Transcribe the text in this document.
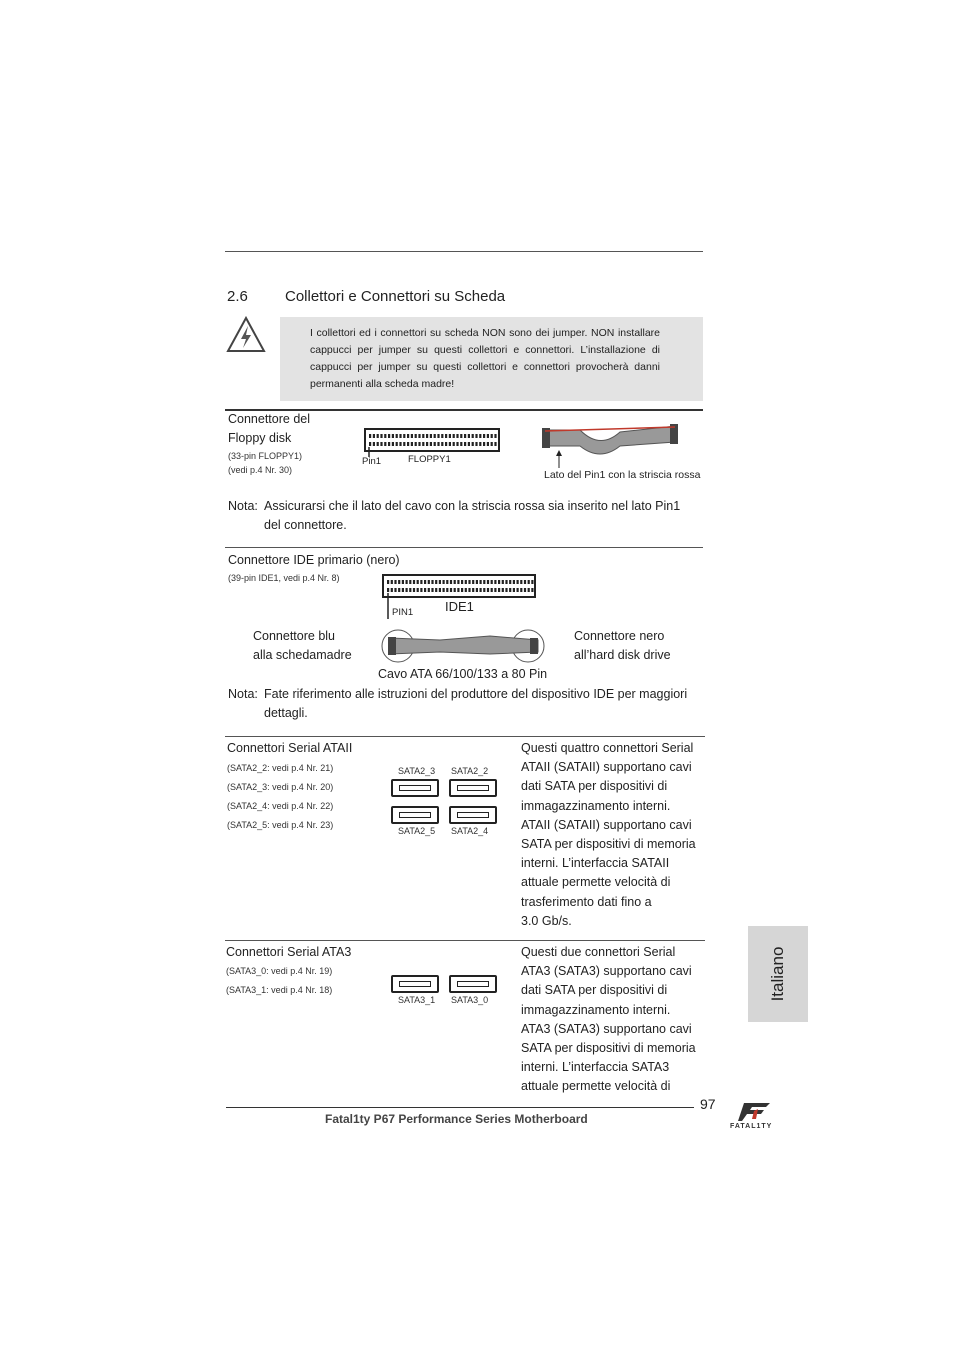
2.6 Collettori e Connettori su Scheda
I collettori ed i connettori su scheda NON sono dei jumper. NON installare cappucci per jumper su questi collettori e connettori. L’installazione di cappucci per jumper su questi collettori e connettori provocherà danni permanenti alla scheda madre!
Connettore del
Floppy disk
(33-pin FLOPPY1)
(vedi p.4 Nr. 30)
Pin1	FLOPPY1
Lato del Pin1 con la striscia rossa
Nota: Assicurarsi che il lato del cavo con la striscia rossa sia inserito nel lato Pin1
del connettore.
Connettore IDE primario (nero)
(39-pin IDE1, vedi p.4 Nr. 8)
PIN1 IDE1
Connettore blu
alla schedamadre
Connettore nero
all’hard disk drive
Cavo ATA 66/100/133 a 80 Pin
Nota: Fate riferimento alle istruzioni del produttore del dispositivo IDE per maggiori
dettagli.
Connettori Serial ATAII
(SATA2_2: vedi p.4 Nr. 21)
(SATA2_3: vedi p.4 Nr. 20)
(SATA2_4: vedi p.4 Nr. 22)
(SATA2_5: vedi p.4 Nr. 23)
SATA2_3 SATA2_2
SATA2_5 SATA2_4
Questi quattro connettori Serial
ATAII (SATAII) supportano cavi
dati SATA per dispositivi di
immagazzinamento interni.
ATAII (SATAII) supportano cavi
SATA per dispositivi di memoria
interni. L’interfaccia SATAII
attuale permette velocità di
trasferimento dati fino a
3.0 Gb/s.
Connettori Serial ATA3
(SATA3_0: vedi p.4 Nr. 19)
(SATA3_1: vedi p.4 Nr. 18)
SATA3_1 SATA3_0
Questi due connettori Serial
ATA3 (SATA3) supportano cavi
dati SATA per dispositivi di
immagazzinamento interni.
ATA3 (SATA3) supportano cavi
SATA per dispositivi di memoria
interni. L’interfaccia SATA3
attuale permette velocità di
Italiano
97
Fatal1ty P67 Performance Series Motherboard
FATAL1TY
